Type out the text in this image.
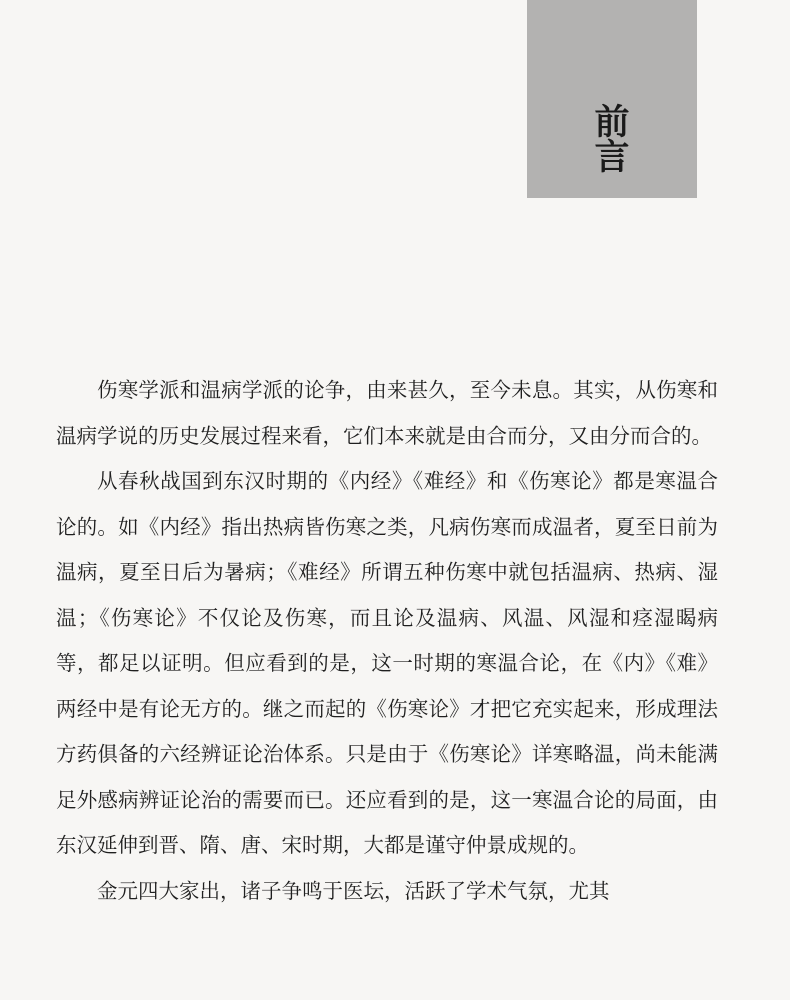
前 言

伤寒学派和温病学派的论争，由来甚久，至今未息。其实，从伤寒和温病学说的历史发展过程来看，它们本来就是由合而分，又由分而合的。

从春秋战国到东汉时期的《内经》《难经》和《伤寒论》都是寒温合论的。如《内经》指出热病皆伤寒之类，凡病伤寒而成温者，夏至日前为温病，夏至日后为暑病；《难经》所谓五种伤寒中就包括温病、热病、湿温；《伤寒论》不仅论及伤寒，而且论及温病、风温、风湿和痉湿暍病等，都足以证明。但应看到的是，这一时期的寒温合论，在《内》《难》两经中是有论无方的。继之而起的《伤寒论》才把它充实起来，形成理法方药俱备的六经辨证论治体系。只是由于《伤寒论》详寒略温，尚未能满足外感病辨证论治的需要而已。还应看到的是，这一寒温合论的局面，由东汉延伸到晋、隋、唐、宋时期，大都是谨守仲景成规的。

金元四大家出，诸子争鸣于医坛，活跃了学术气氛，尤其
